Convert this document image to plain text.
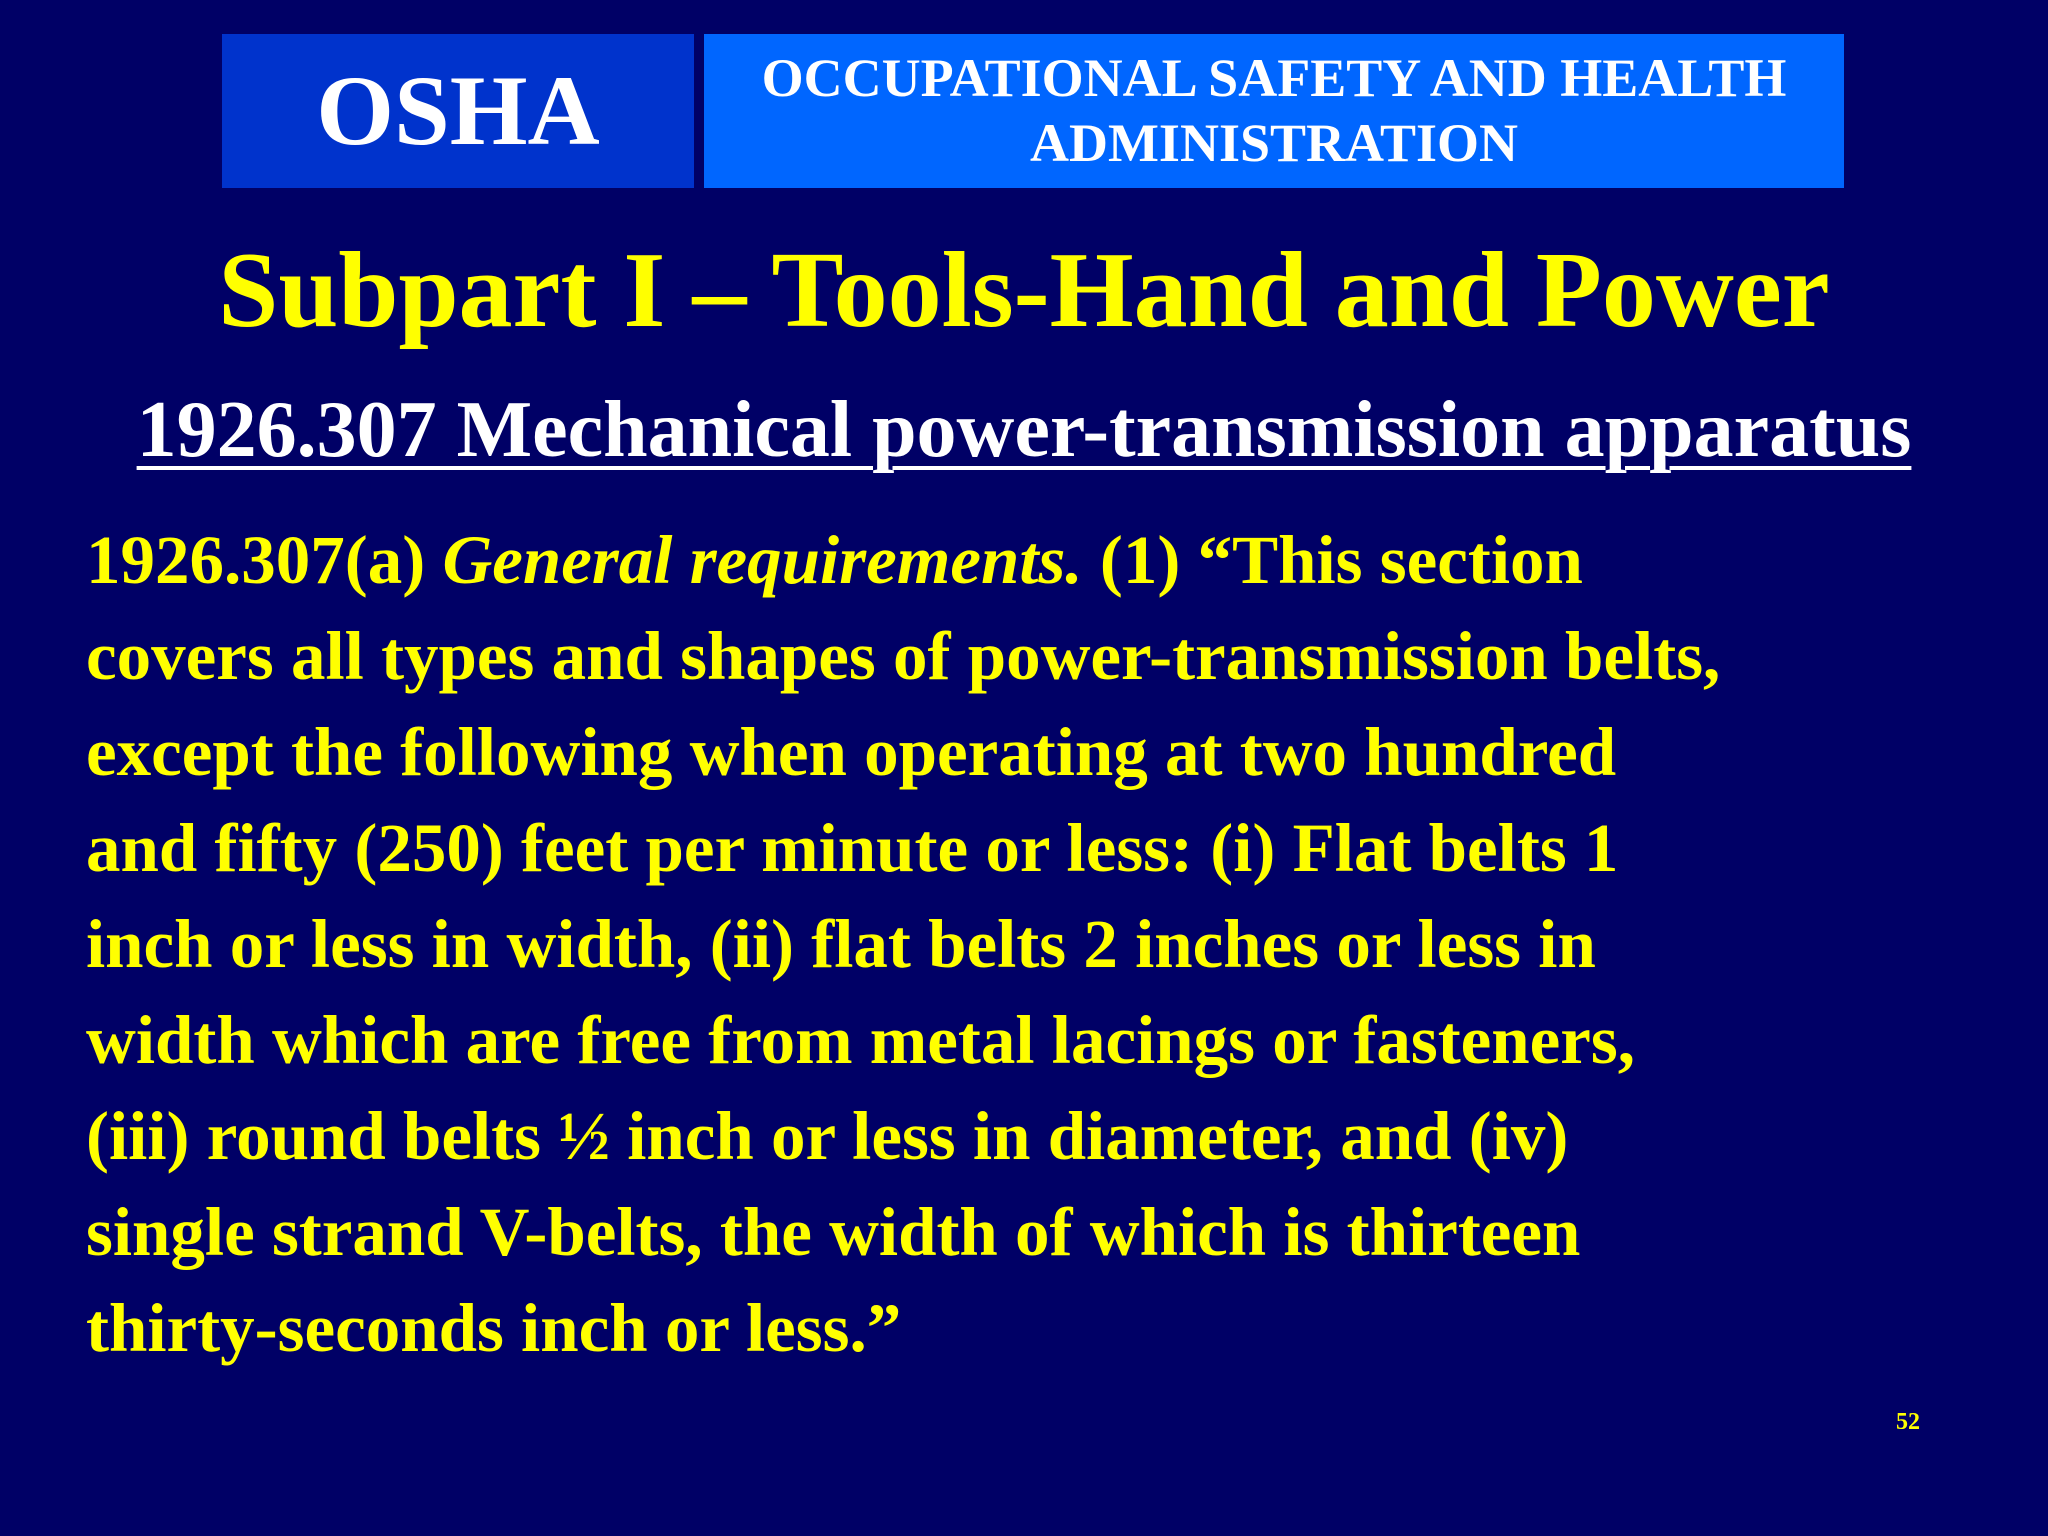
OSHA	OCCUPATIONAL SAFETY AND HEALTH
ADMINISTRATION
Subpart I – Tools-Hand and Power
1926.307 Mechanical power-transmission apparatus
1926.307(a) General requirements. (1) “This section
covers all types and shapes of power-transmission belts,
except the following when operating at two hundred
and fifty (250) feet per minute or less: (i) Flat belts 1
inch or less in width, (ii) flat belts 2 inches or less in
width which are free from metal lacings or fasteners,
(iii) round belts ½ inch or less in diameter, and (iv)
single strand V-belts, the width of which is thirteen
thirty-seconds inch or less.”
52
